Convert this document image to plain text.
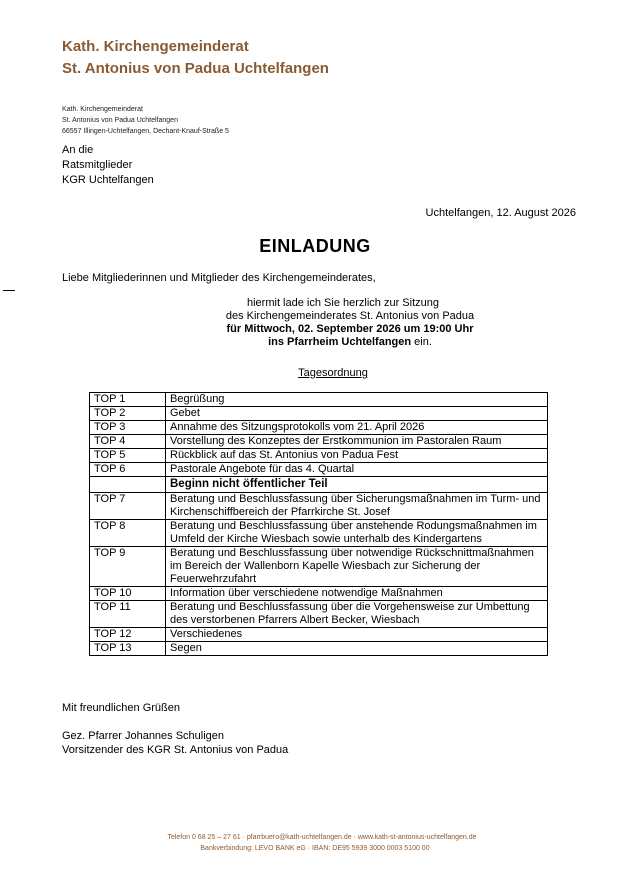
Kath. Kirchengemeinderat
St. Antonius von Padua Uchtelfangen
Kath. Kirchengemeinderat
St. Antonius von Padua Uchtelfangen
66557 Illingen-Uchtelfangen, Dechant-Knauf-Straße 5
An die
Ratsmitglieder
KGR Uchtelfangen
Uchtelfangen, 12. August 2026
EINLADUNG
Liebe Mitgliederinnen und Mitglieder des Kirchengemeinderates,
hiermit lade ich Sie herzlich zur Sitzung
des Kirchengemeinderates St. Antonius von Padua
für Mittwoch, 02. September 2026 um 19:00 Uhr
ins Pfarrheim Uchtelfangen ein.
Tagesordnung
TOP 1	Begrüßung
TOP 2	Gebet
TOP 3	Annahme des Sitzungsprotokolls vom 21. April 2026
TOP 4	Vorstellung des Konzeptes der Erstkommunion im Pastoralen Raum
TOP 5	Rückblick auf das St. Antonius von Padua Fest
TOP 6	Pastorale Angebote für das 4. Quartal
	Beginn nicht öffentlicher Teil
TOP 7	Beratung und Beschlussfassung über Sicherungsmaßnahmen im Turm- und Kirchenschiffbereich der Pfarrkirche St. Josef
TOP 8	Beratung und Beschlussfassung über anstehende Rodungsmaßnahmen im Umfeld der Kirche Wiesbach sowie unterhalb des Kindergartens
TOP 9	Beratung und Beschlussfassung über notwendige Rückschnittmaßnahmen im Bereich der Wallenborn Kapelle Wiesbach zur Sicherung der Feuerwehrzufahrt
TOP 10	Information über verschiedene notwendige Maßnahmen
TOP 11	Beratung und Beschlussfassung über die Vorgehensweise zur Umbettung des verstorbenen Pfarrers Albert Becker, Wiesbach
TOP 12	Verschiedenes
TOP 13	Segen
Mit freundlichen Grüßen
Gez. Pfarrer Johannes Schuligen
Vorsitzender des KGR St. Antonius von Padua
Telefon 0 68 25 – 27 61 · pfarrbuero@kath-uchtelfangen.de · www.kath-st-antonius-uchtelfangen.de
Bankverbindung: LEVO BANK eG · IBAN: DE95 5939 3000 0003 5100 00
